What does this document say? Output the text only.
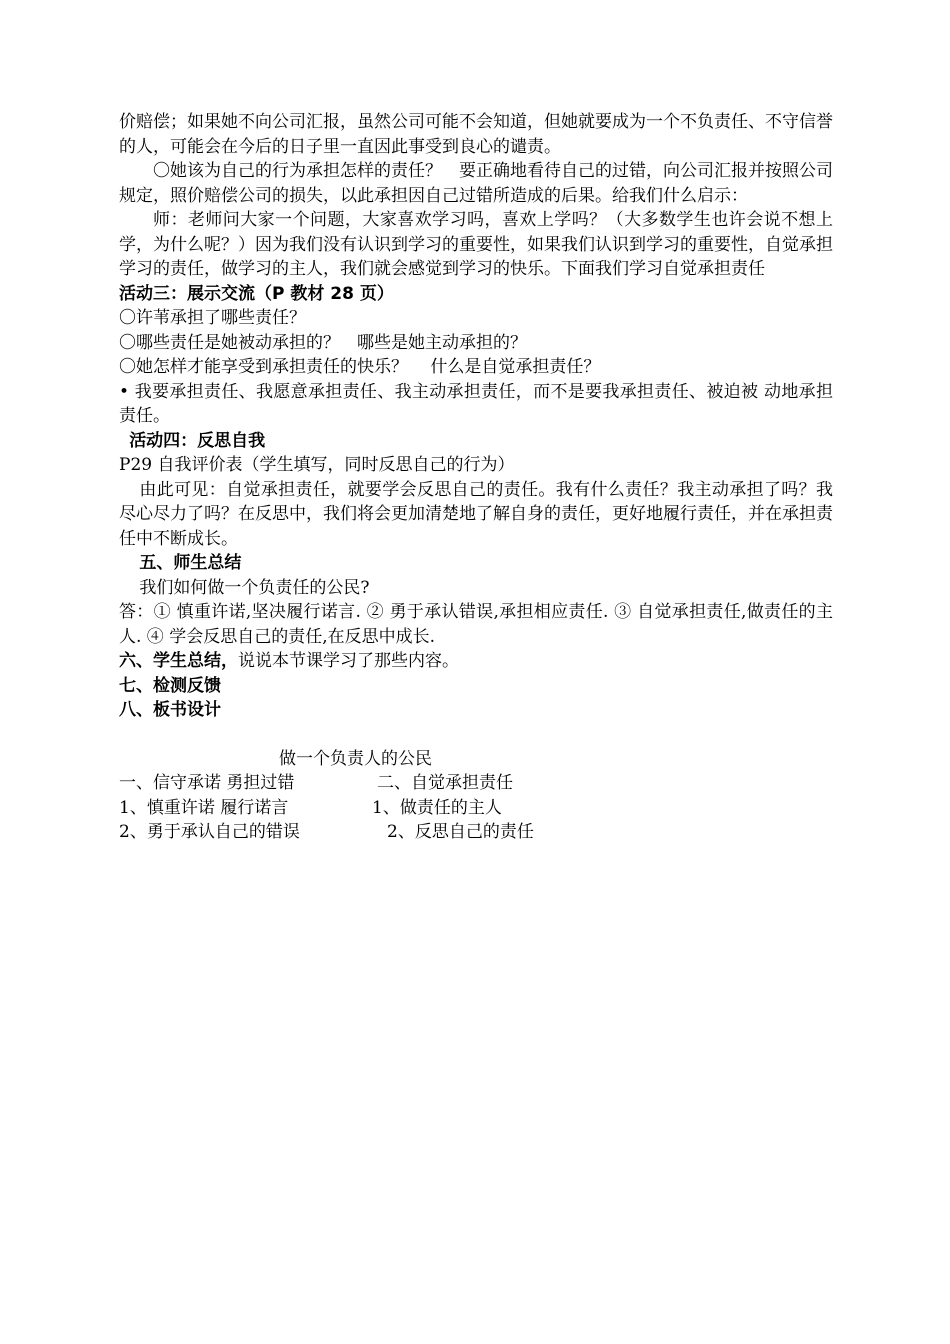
价赔偿；如果她不向公司汇报，虽然公司可能不会知道，但她就要成为一个不负责任、不守信誉的人，可能会在今后的日子里一直因此事受到良心的谴责。

〇她该为自己的行为承担怎样的责任？　要正确地看待自己的过错，向公司汇报并按照公司规定，照价赔偿公司的损失，以此承担因自己过错所造成的后果。给我们什么启示：

师：老师问大家一个问题，大家喜欢学习吗，喜欢上学吗？（大多数学生也许会说不想上学，为什么呢？）因为我们没有认识到学习的重要性，如果我们认识到学习的重要性，自觉承担学习的责任，做学习的主人，我们就会感觉到学习的快乐。下面我们学习自觉承担责任

活动三：展示交流（P 教材 28 页）

〇许苇承担了哪些责任？

〇哪些责任是她被动承担的？　哪些是她主动承担的？

〇她怎样才能享受到承担责任的快乐？　 什么是自觉承担责任？

• 我要承担责任、我愿意承担责任、我主动承担责任，而不是要我承担责任、被迫被 动地承担责任。

活动四：反思自我

P29 自我评价表（学生填写，同时反思自己的行为）

由此可见：自觉承担责任，就要学会反思自己的责任。我有什么责任？我主动承担了吗？我尽心尽力了吗？在反思中，我们将会更加清楚地了解自身的责任，更好地履行责任，并在承担责任中不断成长。

五、师生总结

我们如何做一个负责任的公民?

答：① 慎重许诺,坚决履行诺言. ② 勇于承认错误,承担相应责任. ③ 自觉承担责任,做责任的主人. ④ 学会反思自己的责任,在反思中成长.

六、学生总结，说说本节课学习了那些内容。

七、检测反馈

八、板书设计

做一个负责人的公民

一、信守承诺 勇担过错	二、自觉承担责任
1、慎重许诺 履行诺言	1、做责任的主人
2、勇于承认自己的错误	2、反思自己的责任
